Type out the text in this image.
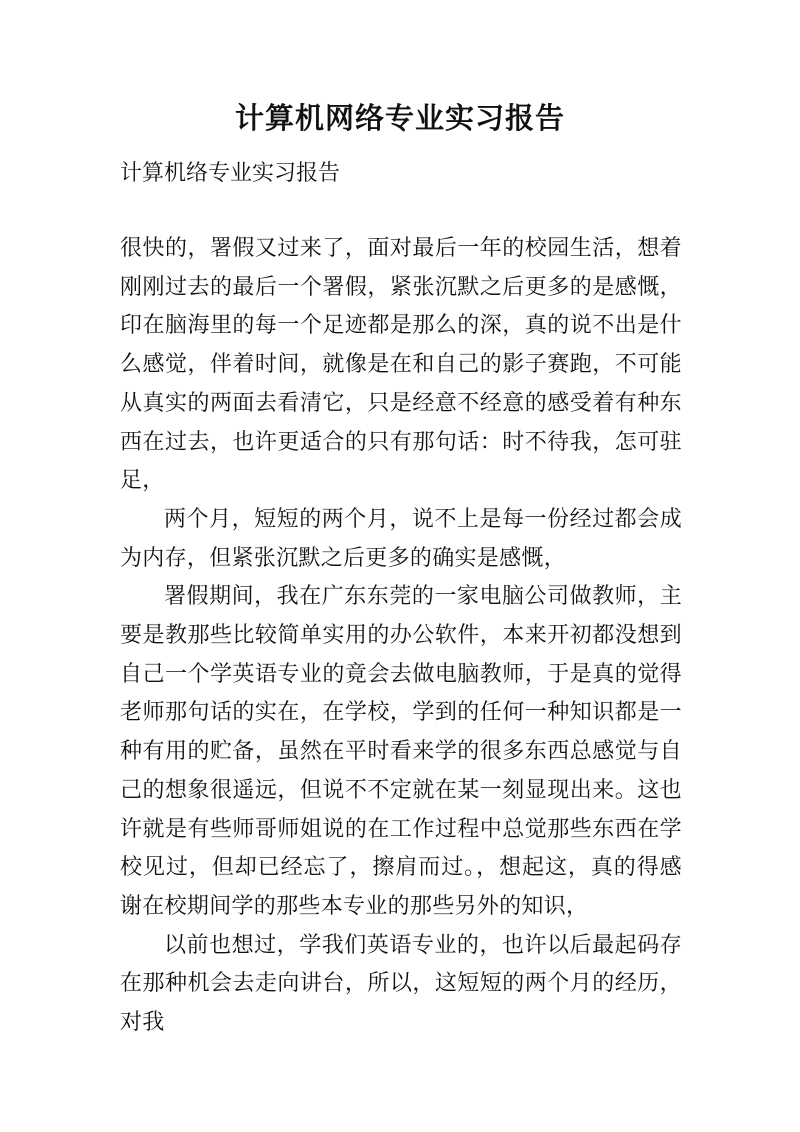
计算机网络专业实习报告
计算机络专业实习报告

很快的，署假又过来了，面对最后一年的校园生活，想着刚刚过去的最后一个署假，紧张沉默之后更多的是感慨，印在脑海里的每一个足迹都是那么的深，真的说不出是什么感觉，伴着时间，就像是在和自己的影子赛跑，不可能从真实的两面去看清它，只是经意不经意的感受着有种东西在过去，也许更适合的只有那句话：时不待我，怎可驻足，

两个月，短短的两个月，说不上是每一份经过都会成为内存，但紧张沉默之后更多的确实是感慨，

署假期间，我在广东东莞的一家电脑公司做教师，主要是教那些比较简单实用的办公软件，本来开初都没想到自己一个学英语专业的竟会去做电脑教师，于是真的觉得老师那句话的实在，在学校，学到的任何一种知识都是一种有用的贮备，虽然在平时看来学的很多东西总感觉与自己的想象很遥远，但说不不定就在某一刻显现出来。这也许就是有些师哥师姐说的在工作过程中总觉那些东西在学校见过，但却已经忘了，擦肩而过。，想起这，真的得感谢在校期间学的那些本专业的那些另外的知识，

以前也想过，学我们英语专业的，也许以后最起码存在那种机会去走向讲台，所以，这短短的两个月的经历，对我
